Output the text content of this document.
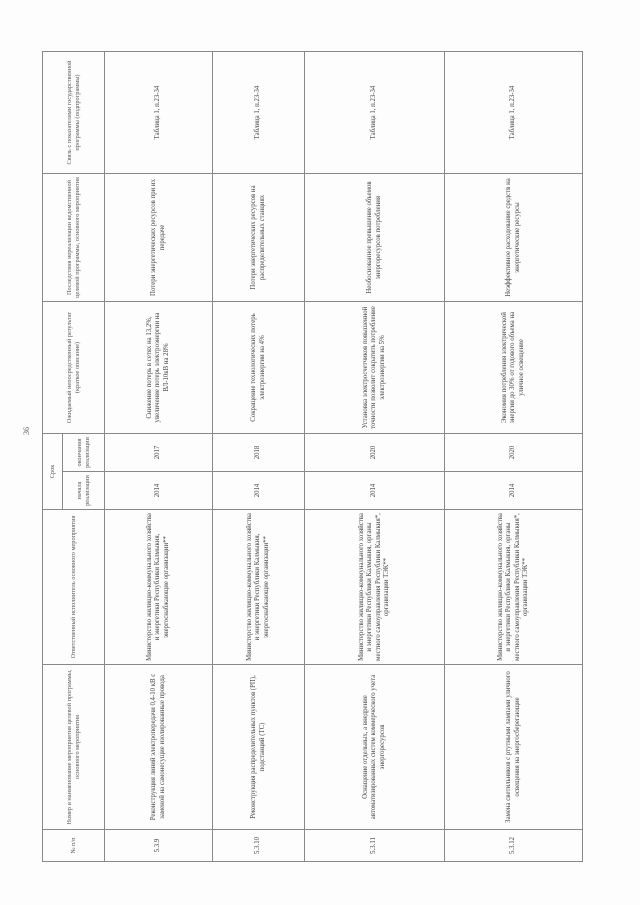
36
№ п/п	Номер и наименование мероприятия целевой программы, основного мероприятия	Ответственный исполнитель основного мероприятия	Срок		Ожидаемый непосредственный результат (краткое описание)	Последствия нереализации ведомственной целевой программы, основного мероприятия	Связь с показателями государственной программы (подпрограммы)
			начала реализации	окончания реализации			
5.3.9	Реконструкция линий электропередачи 0,4-10 кВ с заменой на самонесущие изолированные провода	Министерство жилищно-коммунального хозяйства и энергетики Республики Калмыкия, энергоснабжающие организации**	2014	2017	Снижение потерь в сетях на 13,2%, увеличение потерь электроэнергии на ВЛ-10кВ на 28%	Потери энергетических ресурсов при их передаче	Таблица 1, п.23-34
5.3.10	Реконструкция распределительных пунктов (РП), подстанций (ТС)	Министерство жилищно-коммунального хозяйства и энергетики Республики Калмыкия, энергоснабжающие организации**	2014	2018	Сокращение технологических потерь электроэнергии на 4%	Потери энергетических ресурсов на распределительных станциях	Таблица 1, п.23-34
5.3.11	Оснащение отдельных, а внедрение автоматизированных систем коммерческого учета энергоресурсов	Министерство жилищно-коммунального хозяйства и энергетики Республики Калмыкия, органы местного самоуправления Республики Калмыкия*, организации ТЭК**	2014	2020	Установка электросчетчиков повышенной точности позволит сократить потребление электроэнергии на 5%	Необоснованное превышение объемов энергоресурсов потребления	Таблица 1, п.23-34
5.3.12	Замена светильников с ртутными лампами уличного освещения на энергосберегающие	Министерство жилищно-коммунального хозяйства и энергетики Республики Калмыкия, органы местного самоуправления Республики Калмыкия*, организации ТЭК**	2014	2020	Экономия потребления электрической энергии до 30% от годового объема на уличное освещение	Неэффективное расходование средств на энергетические ресурсы	Таблица 1, п.23-34
